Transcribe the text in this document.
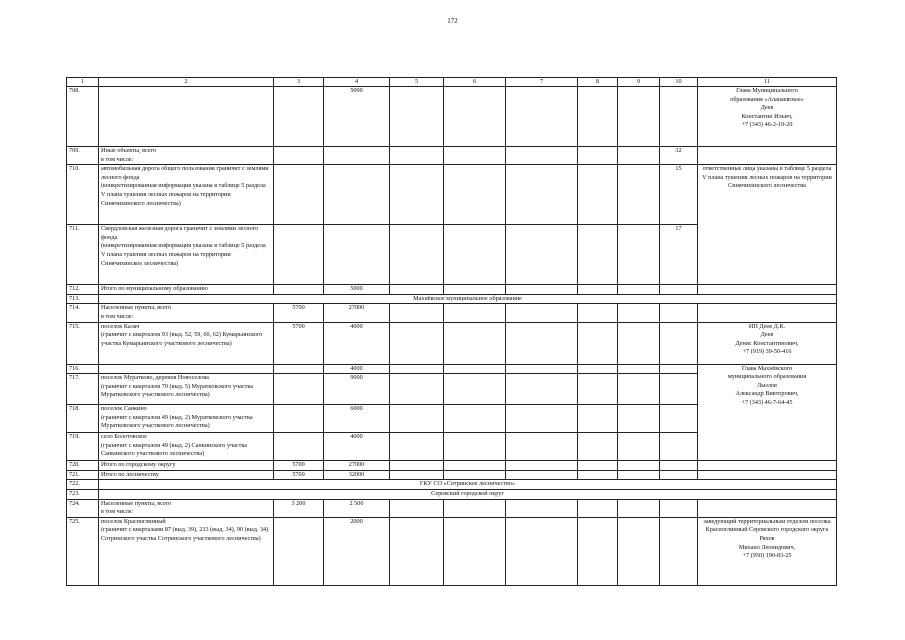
172
1	2	3	4	5	6	7	8	9	10	11
708.			5000							Глава Муниципального
образования «Алапаевское»
Деев
Константин Ильич,
+7 (343) 46-2-10-20
709.	Иные объекты, всего
в том числе:								32	
710.	автомобильная дорога общего пользования граничит с землями лесного фонда
(конкретизированная информация указана в таблице 5 раздела V плана тушения лесных пожаров на территории Синячихинского лесничества)								15	ответственные лица указаны в таблице 5 раздела V плана тушения лесных пожаров на территории
Синячихинского лесничества
711.	Свердловская железная дорога граничит с землями лесного фонда
(конкретизированная информация указана в таблице 5 раздела V плана тушения лесных пожаров на территории Синячихинское лесничества)								17	
712.	Итого по муниципальному образованию		5000							
713.	Махнёвское муниципальное образование									
714.	Населенные пункты, всего
в том числе:	5700	27000							
715.	поселок Калач
(граничит с кварталом 93 (выд. 52, 59, 60, 62) Кумарьинского участка Кумарьинского участкового лесничества)	5700	4000							ИП Деев Д.К.
Деев
Денис Константинович,
+7 (919) 39-50-416
716.			4000							Глава Махнёвского
муниципального образования
Лызлов
Александр Викторович,
+7 (343) 46-7-64-45
717.	поселок Муратково, деревня Новоселова
(граничит с кварталом 70 (выд. 5) Мураткoвского участка Муратковского участкового лесничества)		9000							
718.	поселок Санкино
(граничит с кварталом 49 (выд. 2) Муратковского участка Муратковского участкового лесничества)		6000							
719.	село Болотовское
(граничит с кварталом 49 (выд. 2) Санкинского участка Санкинского участкового лесничества)		4000							
720.	Итого по городскому округу	5700	27000							
721.	Итого по лесничеству	5700	32000							
722.	ГКУ СО «Сотринское лесничество»									
723.	Серовский городской округ									
724.	Населенные пункты, всего
в том числе:	3 200	2 500							
725.	поселок Красноглинный
(граничит с кварталами 87 (выд. 39), 233 (выд. 34), 90 (выд. 34) Сотринского участка Сотринского участкового лесничества)		2000							заведующий территориальным отделом поселка Красноглинный Серовского городского округа
Ряхов
Михаил Леонидович,
+7 (950) 190-83-25
